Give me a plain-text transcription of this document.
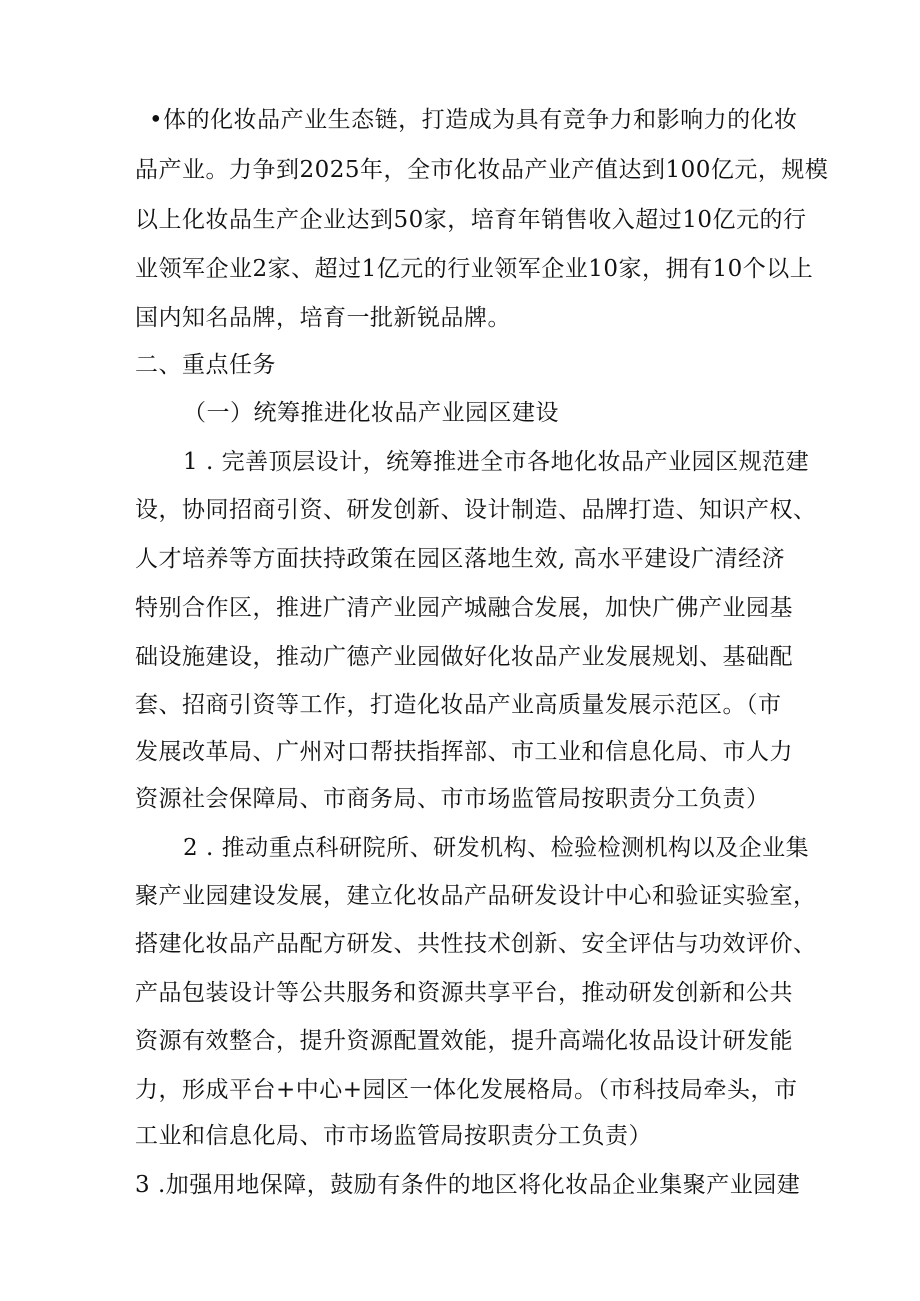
•体的化妆品产业生态链，打造成为具有竞争力和影响力的化妆
品产业。力争到2025年，全市化妆品产业产值达到100亿元，规模
以上化妆品生产企业达到50家，培育年销售收入超过10亿元的行
业领军企业2家、超过1亿元的行业领军企业10家，拥有10个以上
国内知名品牌，培育一批新锐品牌。
二、重点任务
（一）统筹推进化妆品产业园区建设
1 . 完善顶层设计，统筹推进全市各地化妆品产业园区规范建
设，协同招商引资、研发创新、设计制造、品牌打造、知识产权、
人才培养等方面扶持政策在园区落地生效, 高水平建设广清经济
特别合作区，推进广清产业园产城融合发展，加快广佛产业园基
础设施建设，推动广德产业园做好化妆品产业发展规划、基础配
套、招商引资等工作，打造化妆品产业高质量发展示范区。（市
发展改革局、广州对口帮扶指挥部、市工业和信息化局、市人力
资源社会保障局、市商务局、市市场监管局按职责分工负责）
2 . 推动重点科研院所、研发机构、检验检测机构以及企业集
聚产业园建设发展，建立化妆品产品研发设计中心和验证实验室，
搭建化妆品产品配方研发、共性技术创新、安全评估与功效评价、
产品包装设计等公共服务和资源共享平台，推动研发创新和公共
资源有效整合，提升资源配置效能，提升高端化妆品设计研发能
力，形成平台+中心+园区一体化发展格局。（市科技局牵头，市
工业和信息化局、市市场监管局按职责分工负责）
3 .加强用地保障，鼓励有条件的地区将化妆品企业集聚产业园建
